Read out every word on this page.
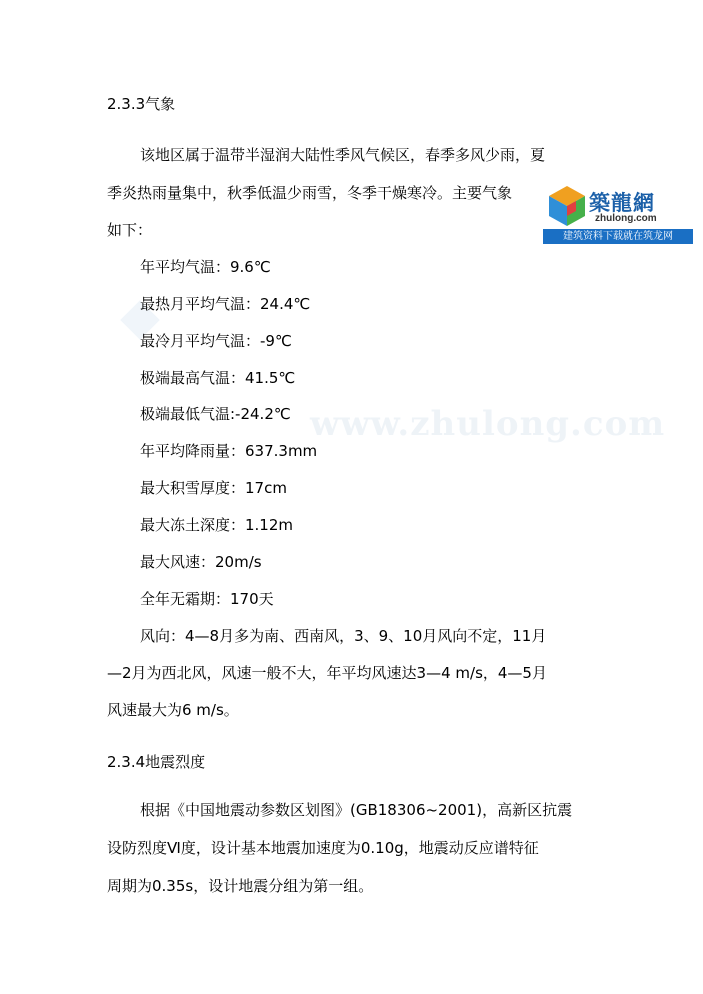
www.zhulong.com
2.3.3气象
该地区属于温带半湿润大陆性季风气候区，春季多风少雨，夏
季炎热雨量集中，秋季低温少雨雪，冬季干燥寒冷。主要气象
如下：
年平均气温：9.6℃
最热月平均气温：24.4℃
最冷月平均气温：-9℃
极端最高气温：41.5℃
极端最低气温:-24.2℃
年平均降雨量：637.3mm
最大积雪厚度：17cm
最大冻土深度：1.12m
最大风速：20m/s
全年无霜期：170天
风向：4—8月多为南、西南风，3、9、10月风向不定，11月
—2月为西北风，风速一般不大，年平均风速达3—4 m/s，4—5月
风速最大为6 m/s。
2.3.4地震烈度
根据《中国地震动参数区划图》(GB18306~2001)，高新区抗震
设防烈度Ⅵ度，设计基本地震加速度为0.10g，地震动反应谱特征
周期为0.35s，设计地震分组为第一组。
築龍網
zhulong.com
建筑资料下载就在筑龙网
